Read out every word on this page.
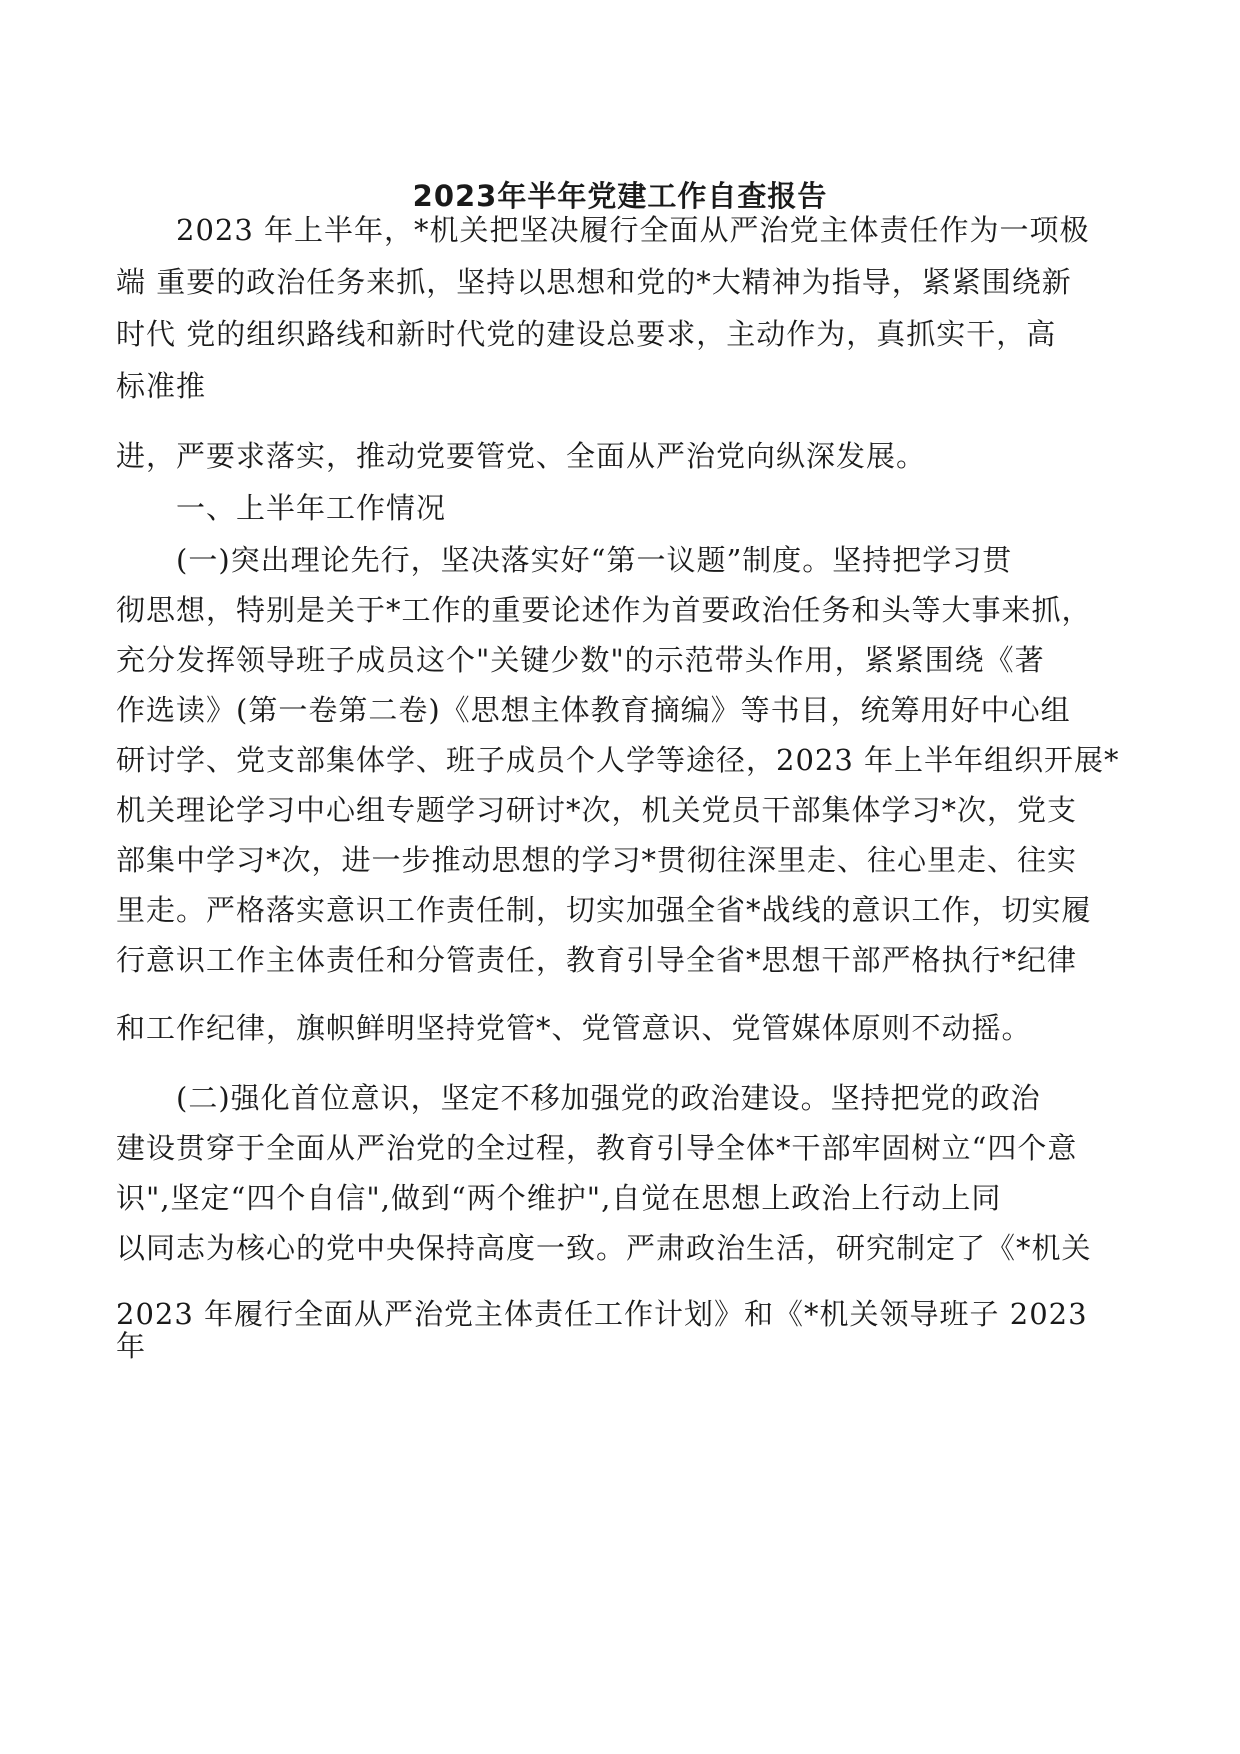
2023年半年党建工作自查报告
　　2023 年上半年，*机关把坚决履行全面从严治党主体责任作为一项极
端 重要的政治任务来抓，坚持以思想和党的*大精神为指导，紧紧围绕新
时代 党的组织路线和新时代党的建设总要求，主动作为，真抓实干，高
标准推
进，严要求落实，推动党要管党、全面从严治党向纵深发展。
　　一、上半年工作情况
　　(一)突出理论先行，坚决落实好“第一议题”制度。坚持把学习贯
彻思想，特别是关于*工作的重要论述作为首要政治任务和头等大事来抓，
充分发挥领导班子成员这个"关键少数"的示范带头作用，紧紧围绕《著
作选读》(第一卷第二卷)《思想主体教育摘编》等书目，统筹用好中心组
研讨学、党支部集体学、班子成员个人学等途径，2023 年上半年组织开展*
机关理论学习中心组专题学习研讨*次，机关党员干部集体学习*次，党支
部集中学习*次，进一步推动思想的学习*贯彻往深里走、往心里走、往实
里走。严格落实意识工作责任制，切实加强全省*战线的意识工作，切实履
行意识工作主体责任和分管责任，教育引导全省*思想干部严格执行*纪律
和工作纪律，旗帜鲜明坚持党管*、党管意识、党管媒体原则不动摇。
　　(二)强化首位意识，坚定不移加强党的政治建设。坚持把党的政治
建设贯穿于全面从严治党的全过程，教育引导全体*干部牢固树立“四个意
识",坚定“四个自信",做到“两个维护",自觉在思想上政治上行动上同
以同志为核心的党中央保持高度一致。严肃政治生活，研究制定了《*机关
2023 年履行全面从严治党主体责任工作计划》和《*机关领导班子 2023
年
